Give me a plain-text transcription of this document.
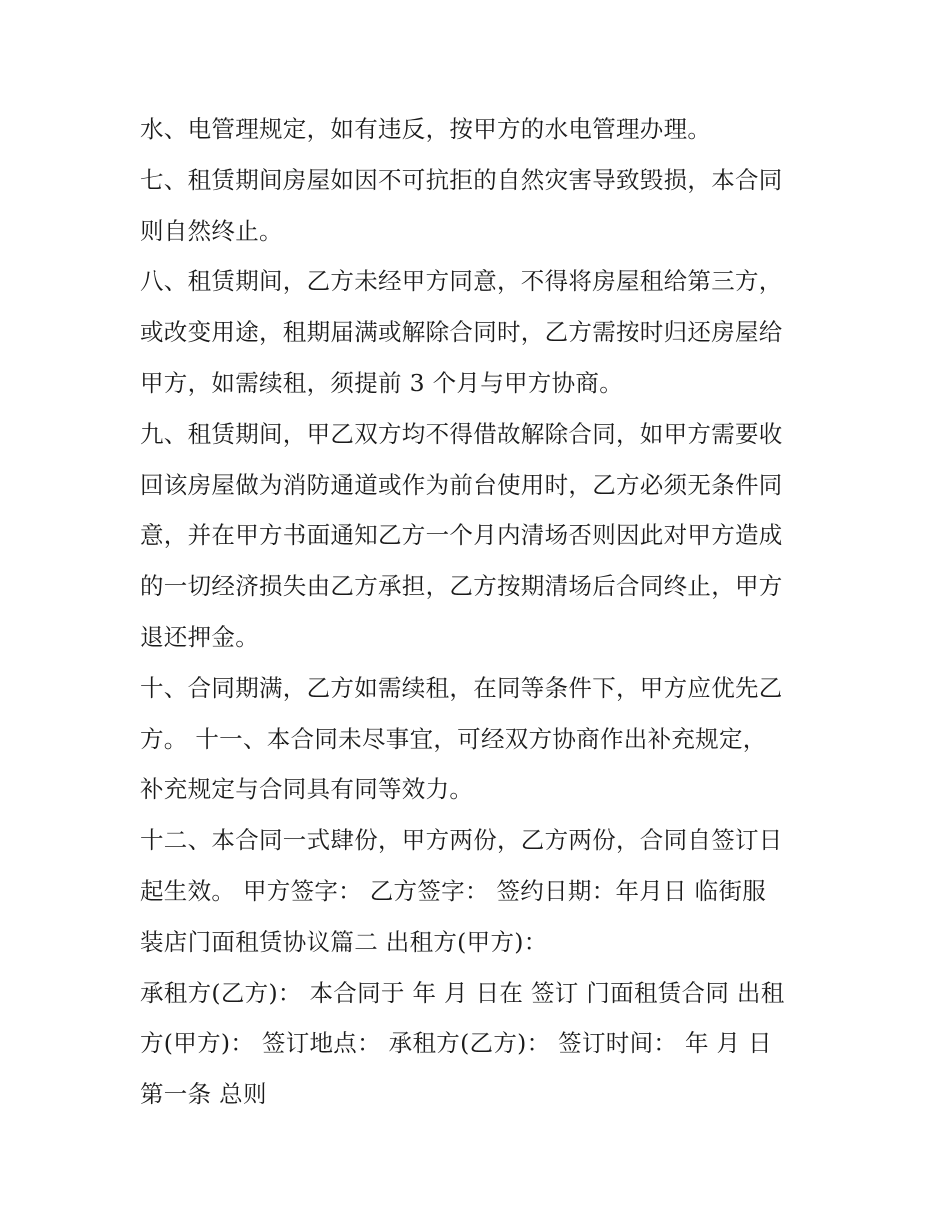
水、电管理规定，如有违反，按甲方的水电管理办理。
七、租赁期间房屋如因不可抗拒的自然灾害导致毁损，本合同
则自然终止。
八、租赁期间，乙方未经甲方同意，不得将房屋租给第三方，
或改变用途，租期届满或解除合同时，乙方需按时归还房屋给
甲方，如需续租，须提前 3 个月与甲方协商。
九、租赁期间，甲乙双方均不得借故解除合同，如甲方需要收
回该房屋做为消防通道或作为前台使用时，乙方必须无条件同
意，并在甲方书面通知乙方一个月内清场否则因此对甲方造成
的一切经济损失由乙方承担，乙方按期清场后合同终止，甲方
退还押金。
十、合同期满，乙方如需续租，在同等条件下，甲方应优先乙
方。 十一、本合同未尽事宜，可经双方协商作出补充规定，
补充规定与合同具有同等效力。
十二、本合同一式肆份，甲方两份，乙方两份，合同自签订日
起生效。 甲方签字： 乙方签字： 签约日期：年月日 临街服
装店门面租赁协议篇二 出租方(甲方)：
承租方(乙方)： 本合同于 年 月 日在 签订 门面租赁合同 出租
方(甲方)： 签订地点： 承租方(乙方)： 签订时间： 年 月 日
第一条 总则
